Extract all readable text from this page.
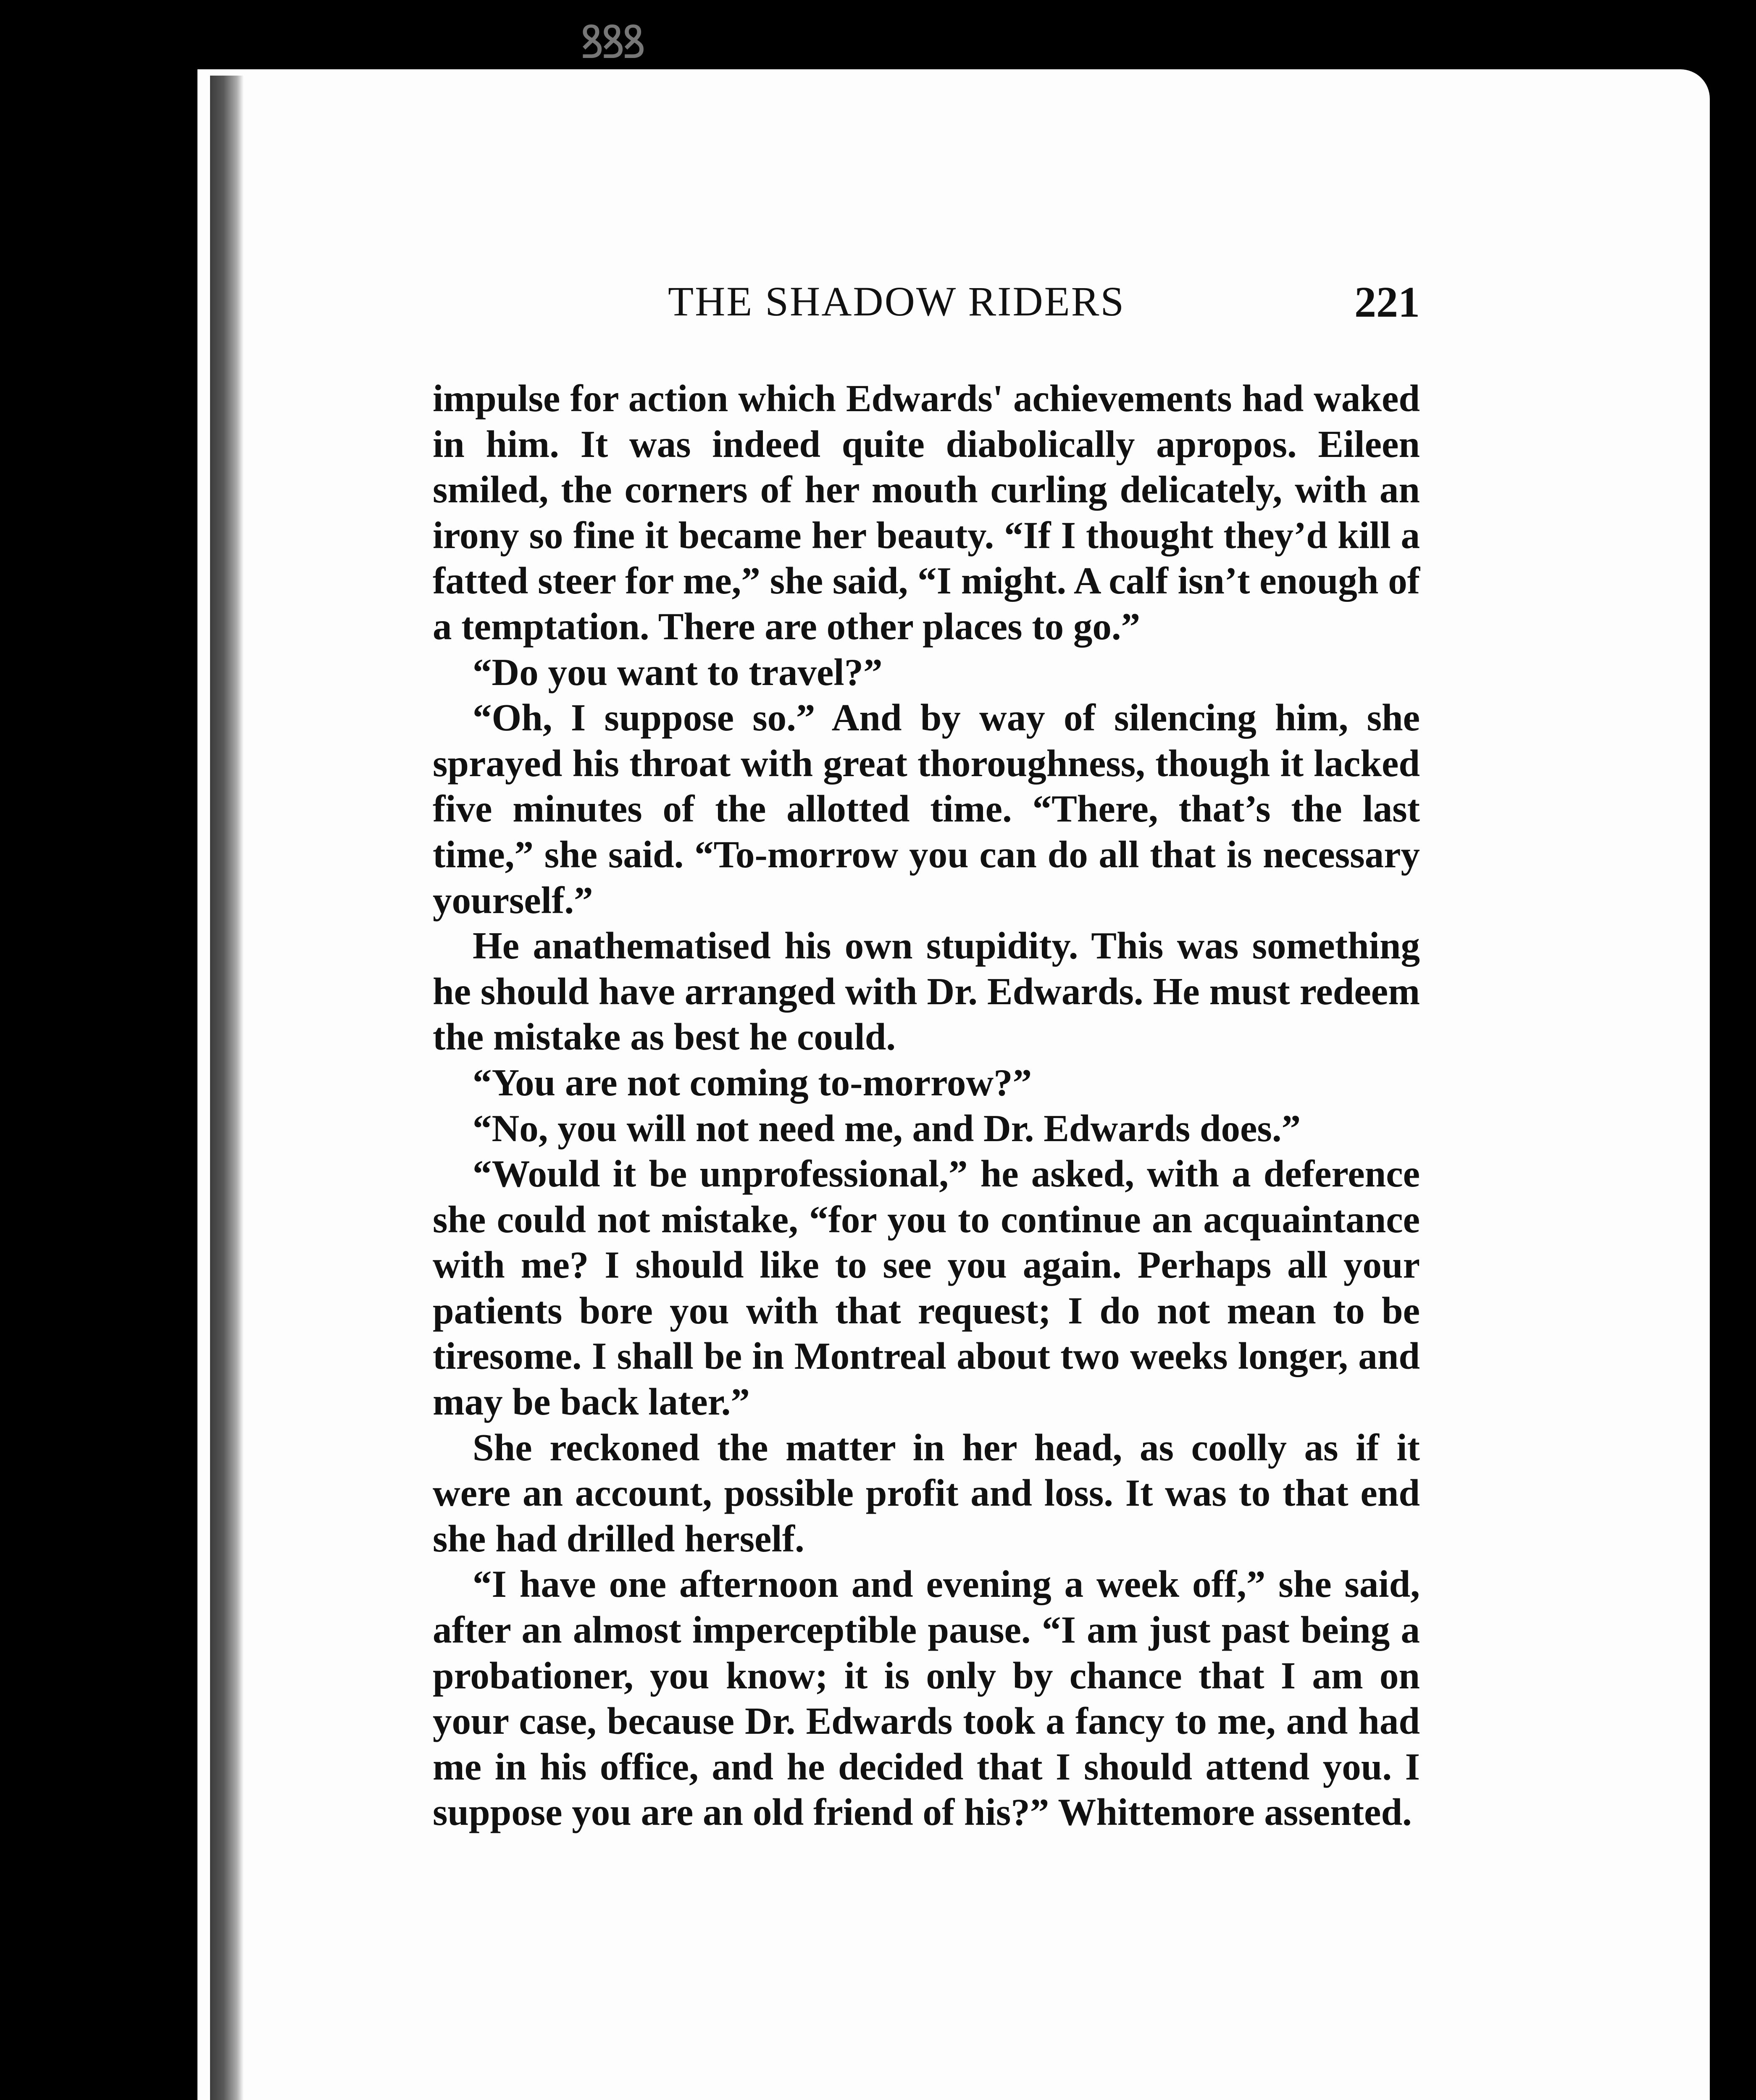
ꝸꝸꝸ
THE SHADOW RIDERS	221

impulse for action which Edwards' achievements had waked in him. It was indeed quite diabolically apropos. Eileen smiled, the corners of her mouth curling delicately, with an irony so fine it became her beauty. “If I thought they’d kill a fatted steer for me,” she said, “I might. A calf isn’t enough of a temptation. There are other places to go.”

“Do you want to travel?”

“Oh, I suppose so.” And by way of silencing him, she sprayed his throat with great thoroughness, though it lacked five minutes of the allotted time. “There, that’s the last time,” she said. “To-morrow you can do all that is necessary yourself.”

He anathematised his own stupidity. This was something he should have arranged with Dr. Edwards. He must redeem the mistake as best he could.

“You are not coming to-morrow?”

“No, you will not need me, and Dr. Edwards does.”

“Would it be unprofessional,” he asked, with a deference she could not mistake, “for you to continue an acquaintance with me? I should like to see you again. Perhaps all your patients bore you with that request; I do not mean to be tiresome. I shall be in Montreal about two weeks longer, and may be back later.”

She reckoned the matter in her head, as coolly as if it were an account, possible profit and loss. It was to that end she had drilled herself.

“I have one afternoon and evening a week off,” she said, after an almost imperceptible pause. “I am just past being a probationer, you know; it is only by chance that I am on your case, because Dr. Edwards took a fancy to me, and had me in his office, and he decided that I should attend you. I suppose you are an old friend of his?” Whittemore assented.
